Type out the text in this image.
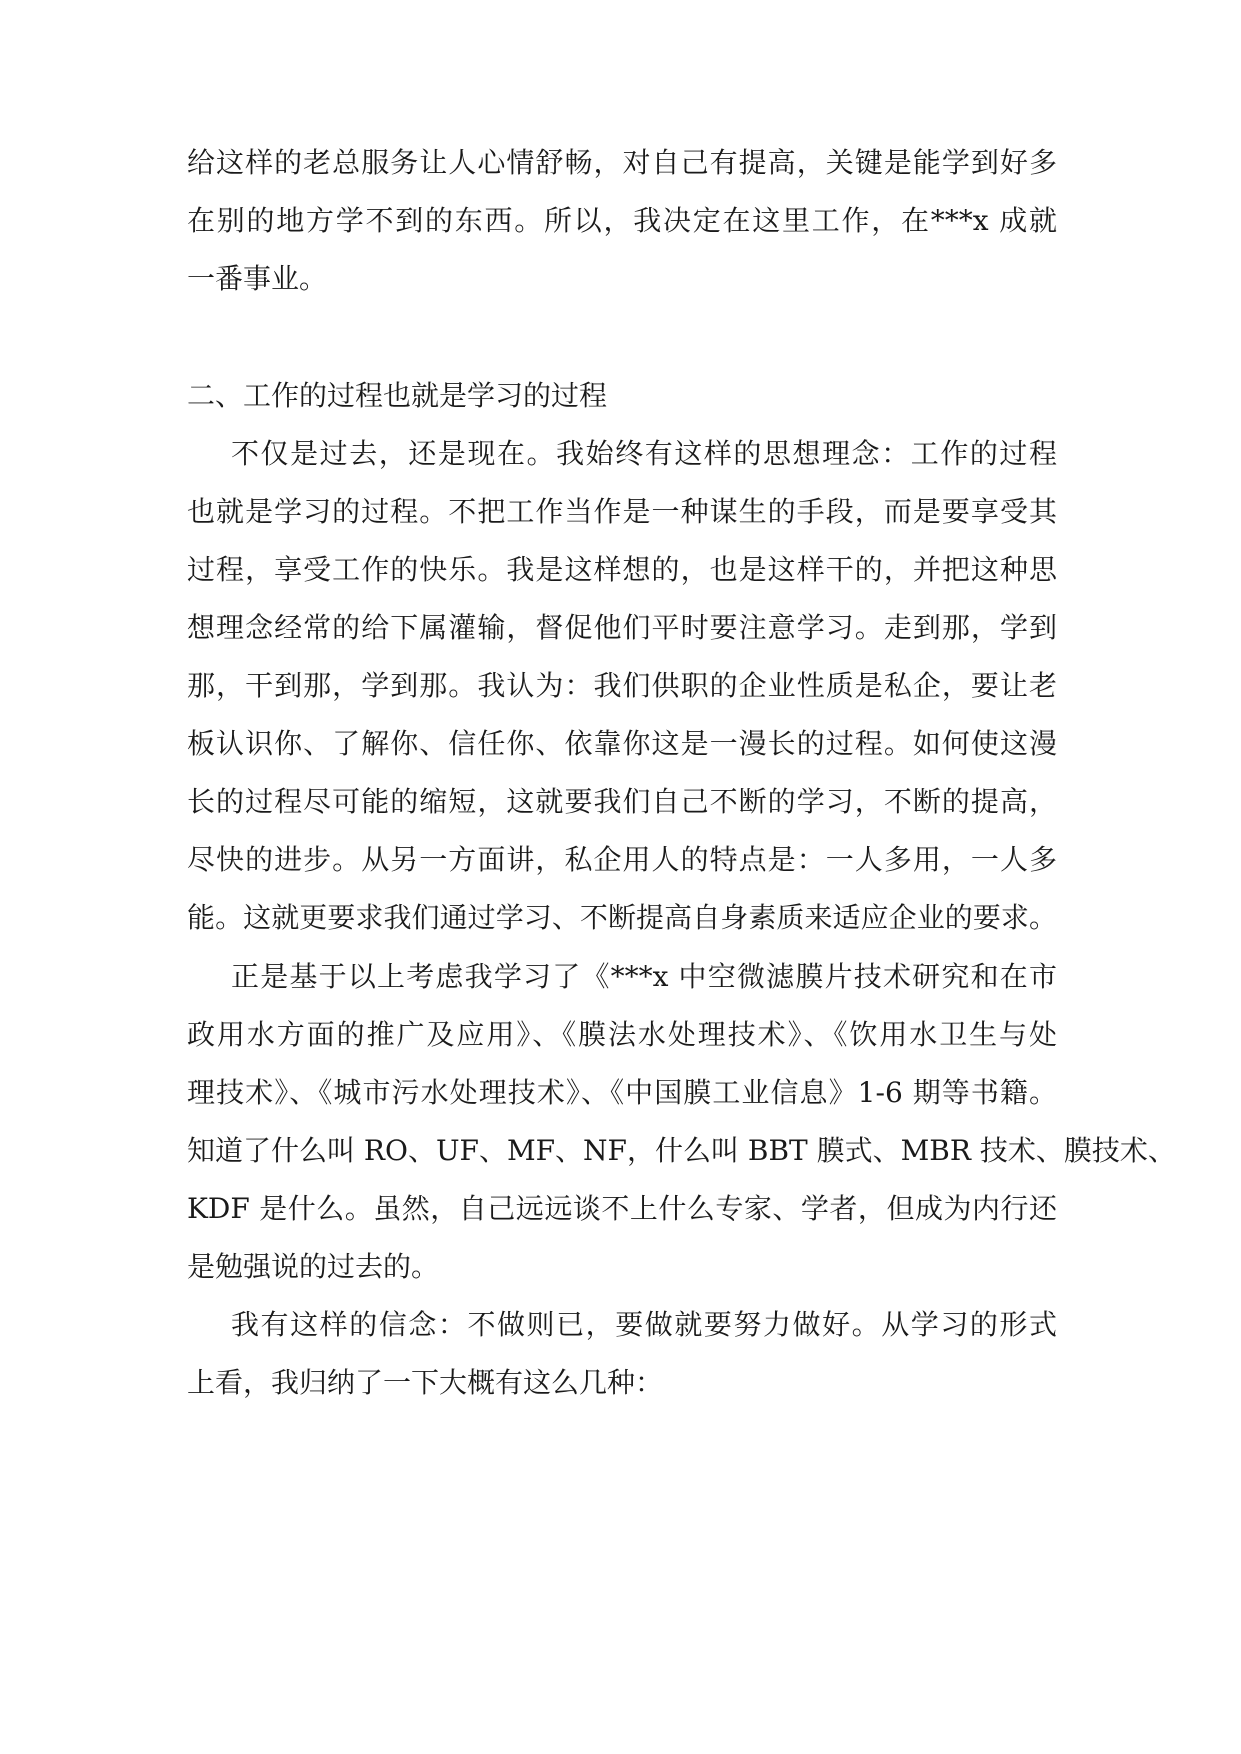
给这样的老总服务让人心情舒畅，对自己有提高，关键是能学到好多

在别的地方学不到的东西。所以，我决定在这里工作，在***x 成就

一番事业。

二、工作的过程也就是学习的过程

不仅是过去，还是现在。我始终有这样的思想理念：工作的过程

也就是学习的过程。不把工作当作是一种谋生的手段，而是要享受其

过程，享受工作的快乐。我是这样想的，也是这样干的，并把这种思

想理念经常的给下属灌输，督促他们平时要注意学习。走到那，学到

那，干到那，学到那。我认为：我们供职的企业性质是私企，要让老

板认识你、了解你、信任你、依靠你这是一漫长的过程。如何使这漫

长的过程尽可能的缩短，这就要我们自己不断的学习，不断的提高，

尽快的进步。从另一方面讲，私企用人的特点是：一人多用，一人多

能。这就更要求我们通过学习、不断提高自身素质来适应企业的要求。

正是基于以上考虑我学习了《***x 中空微滤膜片技术研究和在市

政用水方面的推广及应用》、《膜法水处理技术》、《饮用水卫生与处

理技术》、《城市污水处理技术》、《中国膜工业信息》1-6 期等书籍。

知道了什么叫 RO、UF、MF、NF，什么叫 BBT 膜式、MBR 技术、膜技术、

KDF 是什么。虽然，自己远远谈不上什么专家、学者，但成为内行还

是勉强说的过去的。

我有这样的信念：不做则已，要做就要努力做好。从学习的形式

上看，我归纳了一下大概有这么几种：
